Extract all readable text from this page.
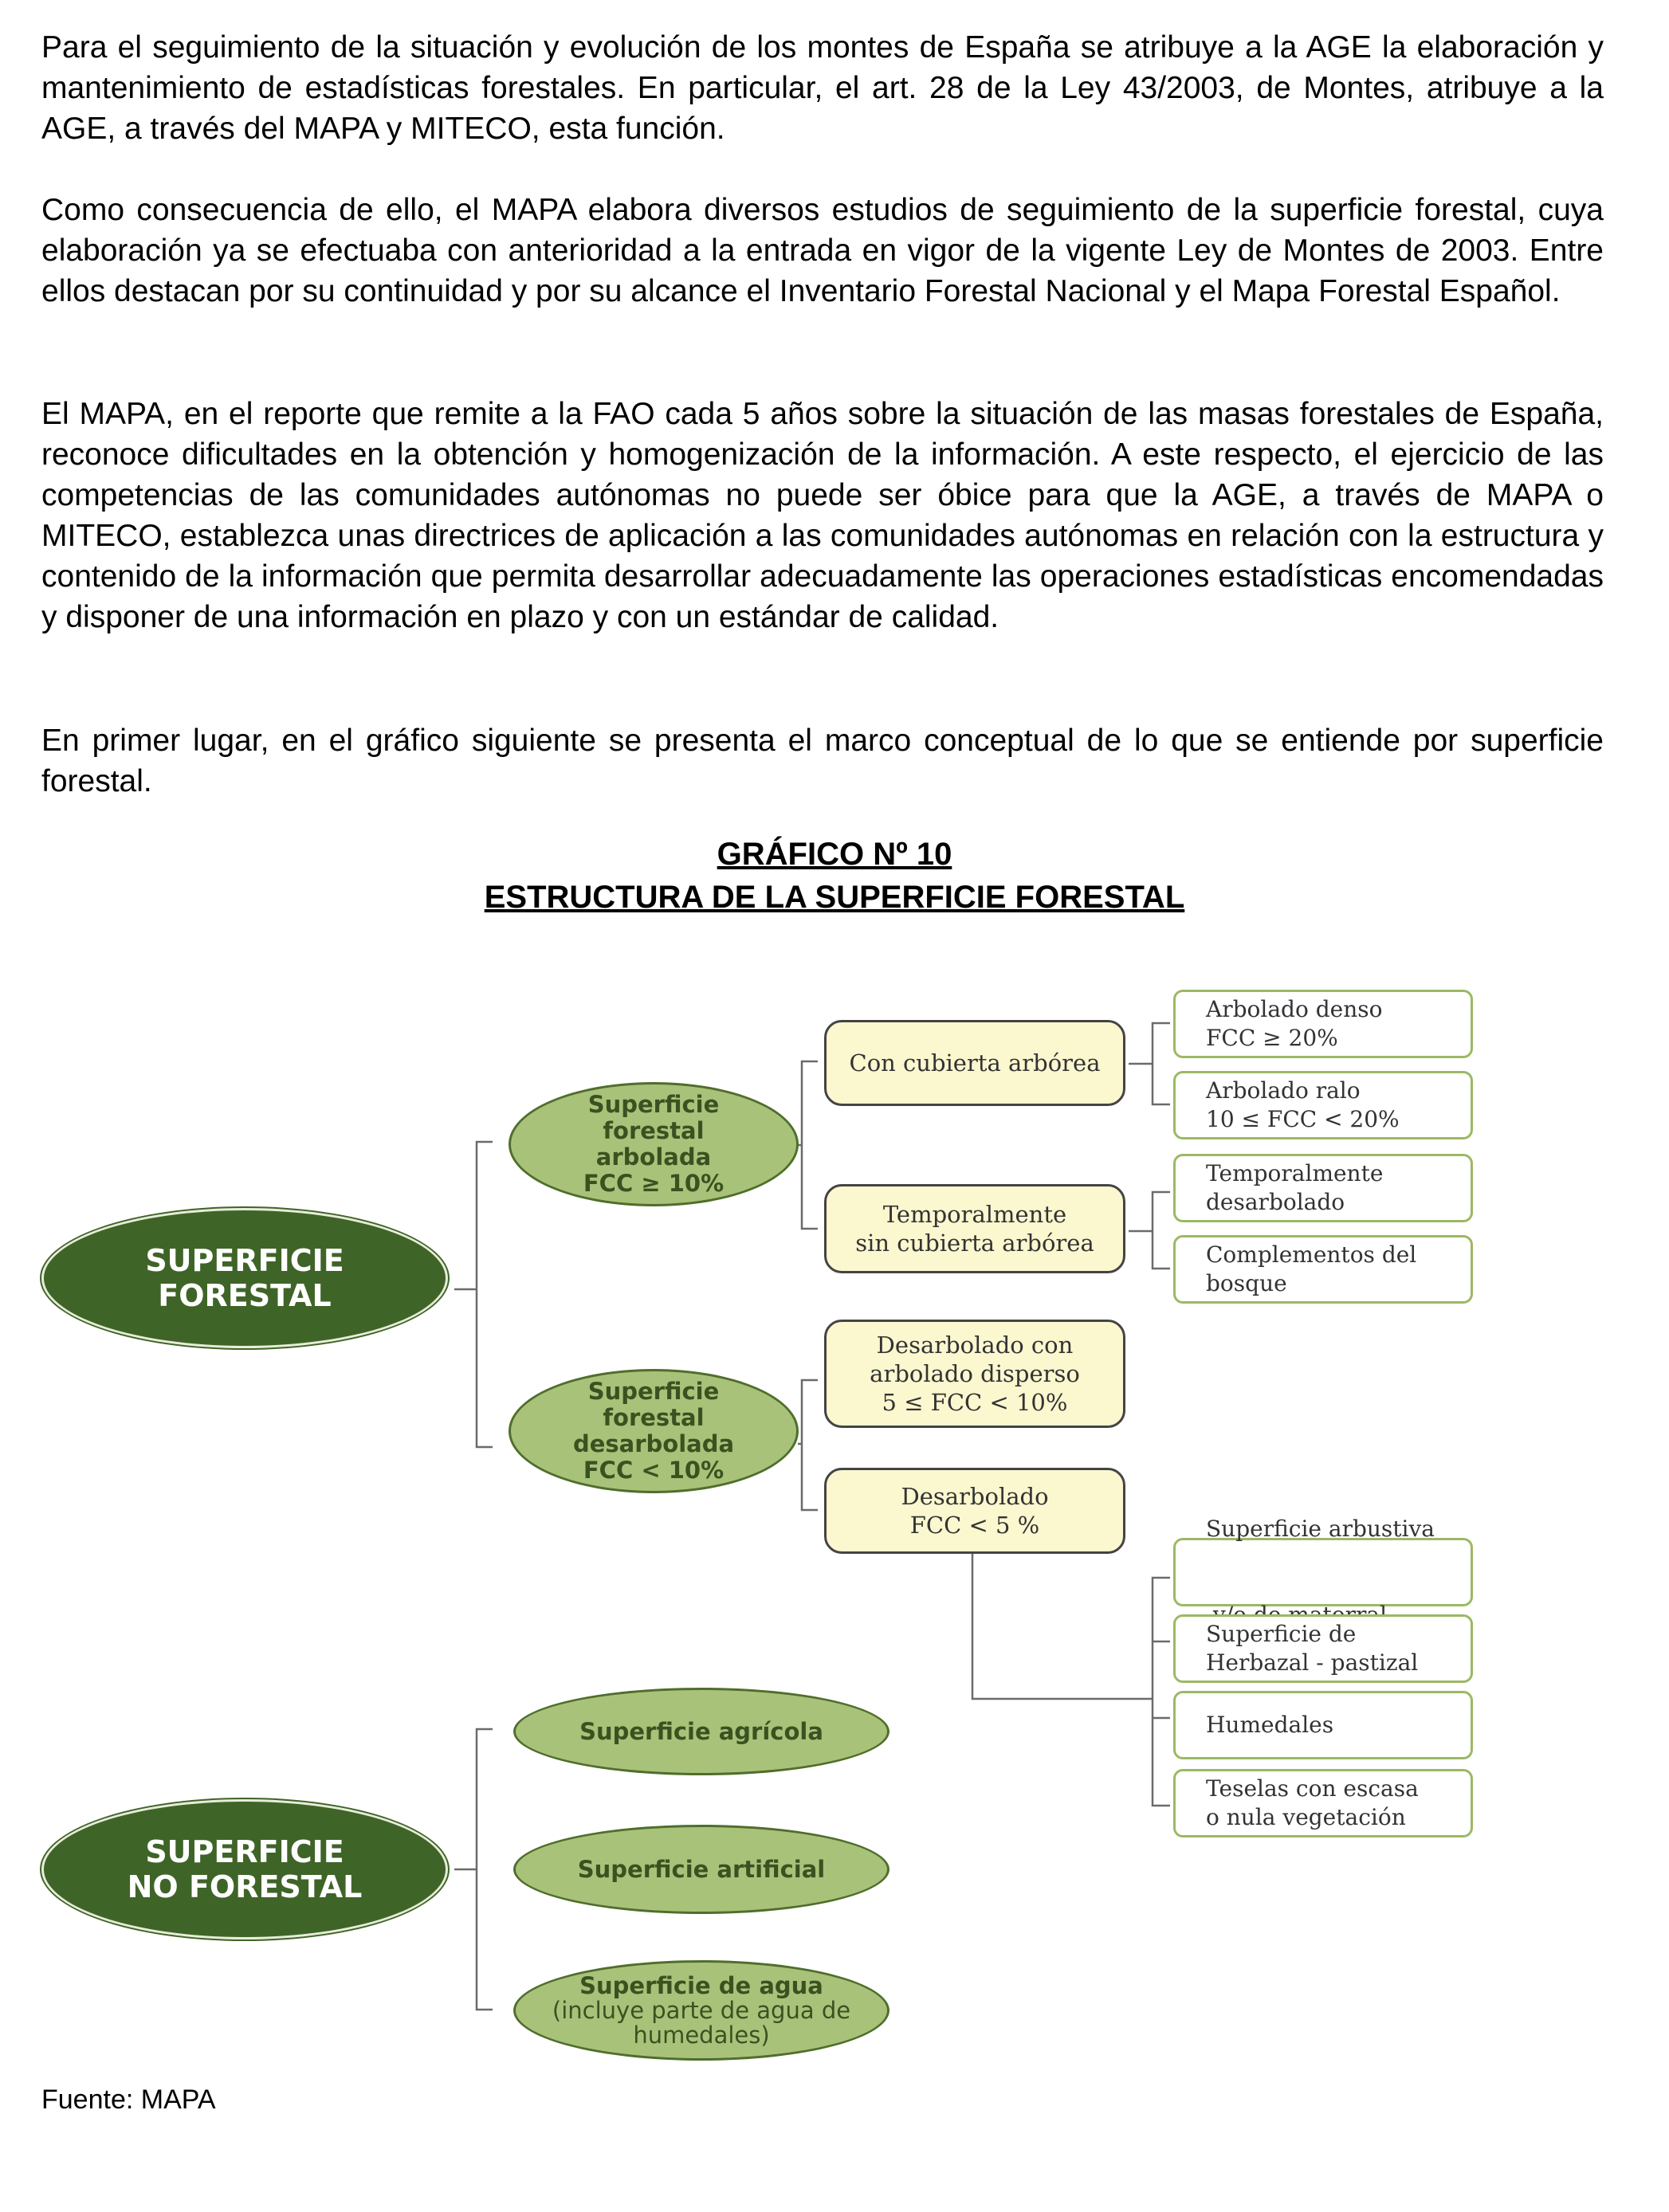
Para el seguimiento de la situación y evolución de los montes de España se atribuye a la AGE la elaboración y mantenimiento de estadísticas forestales. En particular, el art. 28 de la Ley 43/2003, de Montes, atribuye a la AGE, a través del MAPA y MITECO, esta función.

Como consecuencia de ello, el MAPA elabora diversos estudios de seguimiento de la superficie forestal, cuya elaboración ya se efectuaba con anterioridad a la entrada en vigor de la vigente Ley de Montes de 2003. Entre ellos destacan por su continuidad y por su alcance el Inventario Forestal Nacional y el Mapa Forestal Español.

El MAPA, en el reporte que remite a la FAO cada 5 años sobre la situación de las masas forestales de España, reconoce dificultades en la obtención y homogenización de la información. A este respecto, el ejercicio de las competencias de las comunidades autónomas no puede ser óbice para que la AGE, a través de MAPA o MITECO, establezca unas directrices de aplicación a las comunidades autónomas en relación con la estructura y contenido de la información que permita desarrollar adecuadamente las operaciones estadísticas encomendadas y disponer de una información en plazo y con un estándar de calidad.

En primer lugar, en el gráfico siguiente se presenta el marco conceptual de lo que se entiende por superficie forestal.

GRÁFICO Nº 10

ESTRUCTURA DE LA SUPERFICIE FORESTAL

SUPERFICIE
FORESTAL
SUPERFICIE
NO FORESTAL
Superficie
forestal
arbolada
FCC ≥ 10%
Superficie
forestal
desarbolada
FCC < 10%
Superficie agrícola
Superficie artificial
Superficie de agua
(incluye parte de agua de
humedales)
Con cubierta arbórea
Temporalmente
sin cubierta arbórea
Desarbolado con
arbolado disperso
5 ≤ FCC < 10%
Desarbolado
FCC < 5 %
Arbolado denso
FCC ≥ 20%
Arbolado ralo
10 ≤ FCC < 20%
Temporalmente
desarbolado
Complementos del
bosque

Superficie arbustiva

Superficie de
Herbazal - pastizal
Humedales
Teselas con escasa
o nula vegetación
Fuente: MAPA
